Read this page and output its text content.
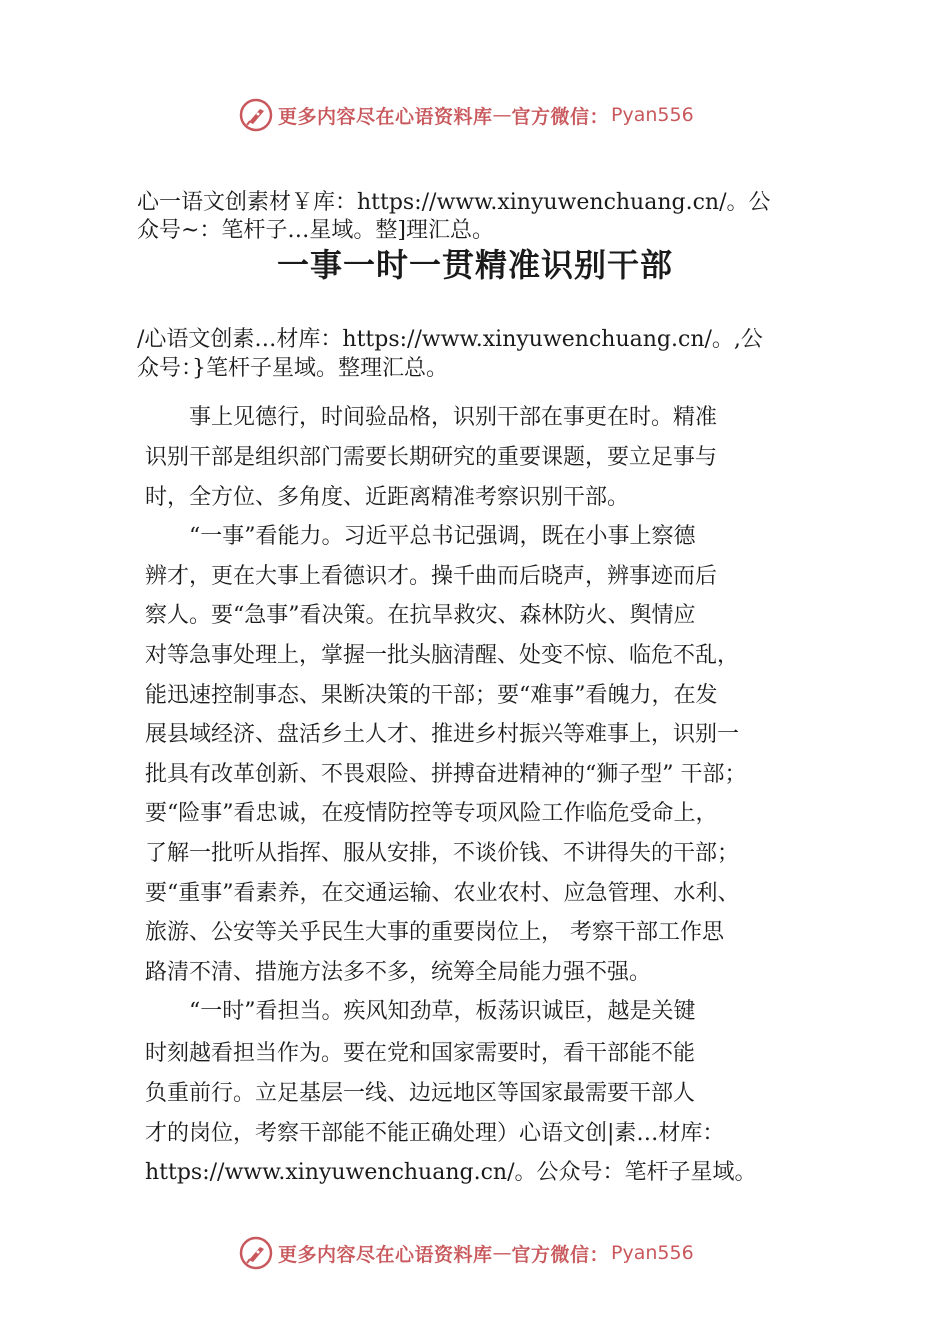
更多内容尽在心语资料库 — 官方微信： Pyan556
心一语文创素材￥库：https://www.xinyuwenchuang.cn/。公
众号~：笔杆子…星域。整]理汇总。
一事一时一贯精准识别干部
/心语文创素…材库：https://www.xinyuwenchuang.cn/。,公
众号：}笔杆子星域。整理汇总。
　　事上见德行，时间验品格，识别干部在事更在时。精准
识别干部是组织部门需要长期研究的重要课题，要立足事与
时，全方位、多角度、近距离精准考察识别干部。
　　“一事”看能力。习近平总书记强调，既在小事上察德
辨才，更在大事上看德识才。操千曲而后晓声，辨事迹而后
察人。要“急事”看决策。在抗旱救灾、森林防火、舆情应
对等急事处理上，掌握一批头脑清醒、处变不惊、临危不乱，
能迅速控制事态、果断决策的干部；要“难事”看魄力，在发
展县域经济、盘活乡土人才、推进乡村振兴等难事上，识别一
批具有改革创新、不畏艰险、拼搏奋进精神的“狮子型” 干部；
要“险事”看忠诚，在疫情防控等专项风险工作临危受命上，
了解一批听从指挥、服从安排，不谈价钱、不讲得失的干部；
要“重事”看素养，在交通运输、农业农村、应急管理、水利、
旅游、公安等关乎民生大事的重要岗位上， 考察干部工作思
路清不清、措施方法多不多，统筹全局能力强不强。
　　“一时”看担当。疾风知劲草，板荡识诚臣，越是关键
时刻越看担当作为。要在党和国家需要时，看干部能不能
负重前行。立足基层一线、边远地区等国家最需要干部人
才的岗位，考察干部能不能正确处理）心语文创|素…材库：
https://www.xinyuwenchuang.cn/。公众号：笔杆子星域。
更多内容尽在心语资料库 — 官方微信： Pyan556
